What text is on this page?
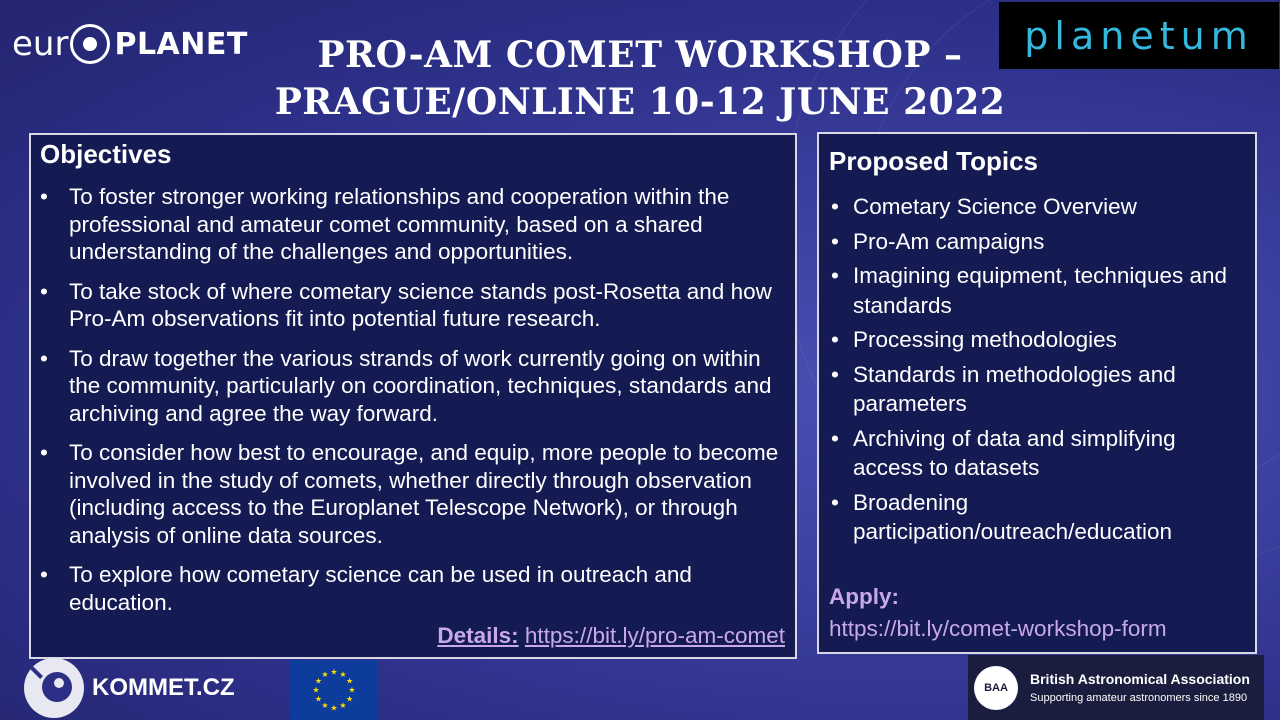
eur PLANET	PRO-AM COMET WORKSHOP –
PRAGUE/ONLINE 10-12 JUNE 2022
planetum
Objectives
• To foster stronger working relationships and cooperation within the professional and amateur comet community, based on a shared understanding of the challenges and opportunities.
• To take stock of where cometary science stands post-Rosetta and how Pro-Am observations fit into potential future research.
• To draw together the various strands of work currently going on within the community, particularly on coordination, techniques, standards and archiving and agree the way forward.
• To consider how best to encourage, and equip, more people to become involved in the study of comets, whether directly through observation (including access to the Europlanet Telescope Network), or through analysis of online data sources.
• To explore how cometary science can be used in outreach and education.
Details: https://bit.ly/pro-am-comet
Proposed Topics
• Cometary Science Overview
• Pro-Am campaigns
• Imagining equipment, techniques and standards
• Processing methodologies
• Standards in methodologies and parameters
• Archiving of data and simplifying access to datasets
• Broadening participation/outreach/education
Apply:
https://bit.ly/comet-workshop-form
KOMMET.CZ	★
★
★
★
★
★
★
★
★ ★ ★
★
BAA
British Astronomical Association
Supporting amateur astronomers since 1890
